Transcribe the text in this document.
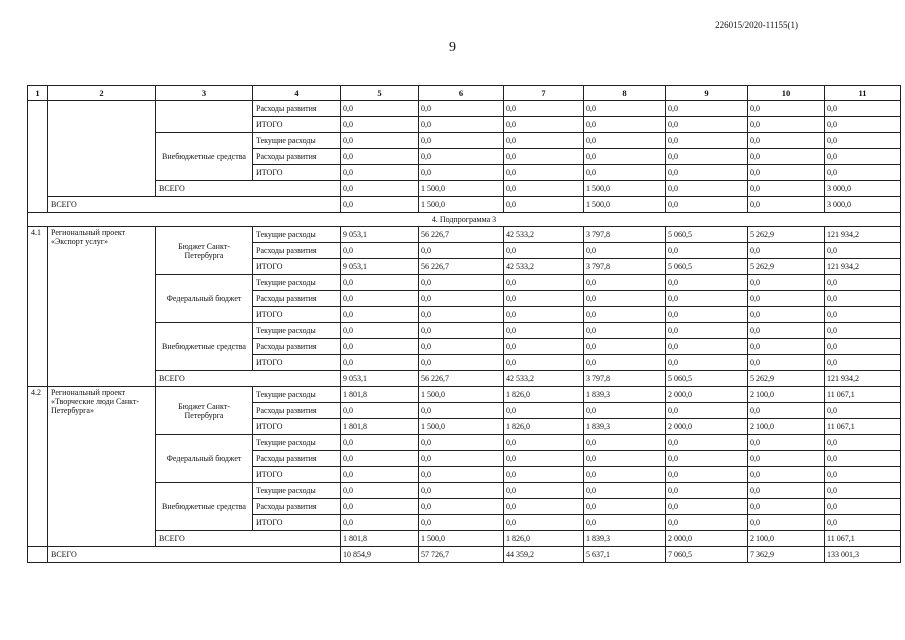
226015/2020-11155(1)
9
1	2	3	4	5	6	7	8	9	10	11
			Расходы развития	0,0	0,0	0,0	0,0	0,0	0,0	0,0
			ИТОГО	0,0	0,0	0,0	0,0	0,0	0,0	0,0
		Внебюджетные средства	Текущие расходы	0,0	0,0	0,0	0,0	0,0	0,0	0,0
			Расходы развития	0,0	0,0	0,0	0,0	0,0	0,0	0,0
			ИТОГО	0,0	0,0	0,0	0,0	0,0	0,0	0,0
		ВСЕГО		0,0	1 500,0	0,0	1 500,0	0,0	0,0	3 000,0
	ВСЕГО			0,0	1 500,0	0,0	1 500,0	0,0	0,0	3 000,0
4. Подпрограмма 3										
4.1	Региональный проект «Экспорт услуг»	Бюджет Санкт-Петербурга	Текущие расходы	9 053,1	56 226,7	42 533,2	3 797,8	5 060,5	5 262,9	121 934,2
			Расходы развития	0,0	0,0	0,0	0,0	0,0	0,0	0,0
			ИТОГО	9 053,1	56 226,7	42 533,2	3 797,8	5 060,5	5 262,9	121 934,2
		Федеральный бюджет	Текущие расходы	0,0	0,0	0,0	0,0	0,0	0,0	0,0
			Расходы развития	0,0	0,0	0,0	0,0	0,0	0,0	0,0
			ИТОГО	0,0	0,0	0,0	0,0	0,0	0,0	0,0
		Внебюджетные средства	Текущие расходы	0,0	0,0	0,0	0,0	0,0	0,0	0,0
			Расходы развития	0,0	0,0	0,0	0,0	0,0	0,0	0,0
			ИТОГО	0,0	0,0	0,0	0,0	0,0	0,0	0,0
		ВСЕГО		9 053,1	56 226,7	42 533,2	3 797,8	5 060,5	5 262,9	121 934,2
4.2	Региональный проект «Творческие люди Санкт-Петербурга»	Бюджет Санкт-Петербурга	Текущие расходы	1 801,8	1 500,0	1 826,0	1 839,3	2 000,0	2 100,0	11 067,1
			Расходы развития	0,0	0,0	0,0	0,0	0,0	0,0	0,0
			ИТОГО	1 801,8	1 500,0	1 826,0	1 839,3	2 000,0	2 100,0	11 067,1
		Федеральный бюджет	Текущие расходы	0,0	0,0	0,0	0,0	0,0	0,0	0,0
			Расходы развития	0,0	0,0	0,0	0,0	0,0	0,0	0,0
			ИТОГО	0,0	0,0	0,0	0,0	0,0	0,0	0,0
		Внебюджетные средства	Текущие расходы	0,0	0,0	0,0	0,0	0,0	0,0	0,0
			Расходы развития	0,0	0,0	0,0	0,0	0,0	0,0	0,0
			ИТОГО	0,0	0,0	0,0	0,0	0,0	0,0	0,0
		ВСЕГО		1 801,8	1 500,0	1 826,0	1 839,3	2 000,0	2 100,0	11 067,1
	ВСЕГО			10 854,9	57 726,7	44 359,2	5 637,1	7 060,5	7 362,9	133 001,3
